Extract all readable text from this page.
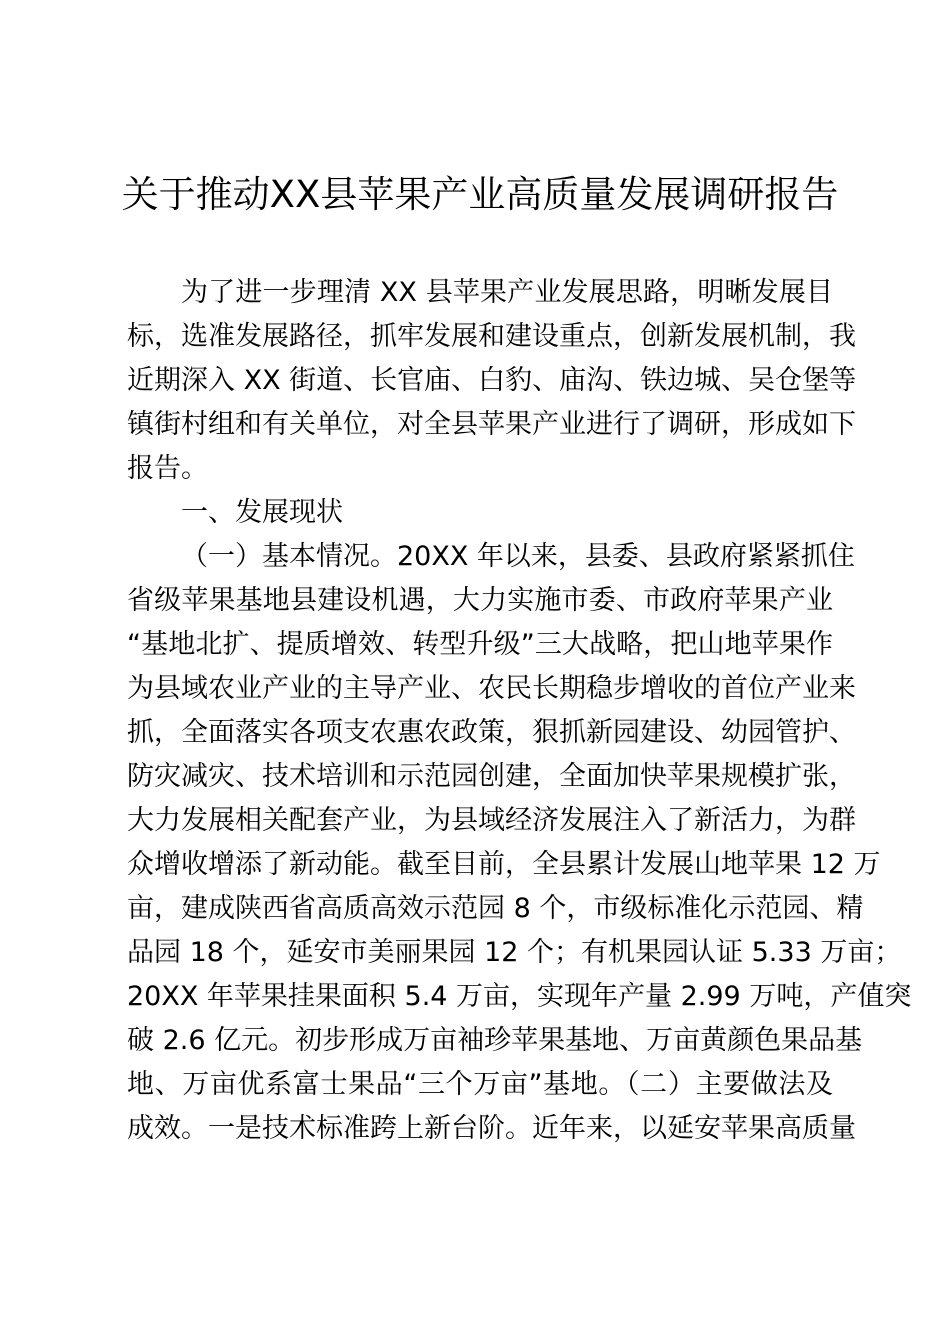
关于推动XX县苹果产业高质量发展调研报告
为了进一步理清 XX 县苹果产业发展思路，明晰发展目
标，选准发展路径，抓牢发展和建设重点，创新发展机制，我
近期深入 XX 街道、长官庙、白豹、庙沟、铁边城、吴仓堡等
镇街村组和有关单位，对全县苹果产业进行了调研，形成如下
报告。
一、发展现状
（一）基本情况。20XX 年以来，县委、县政府紧紧抓住
省级苹果基地县建设机遇，大力实施市委、市政府苹果产业
“基地北扩、提质增效、转型升级”三大战略，把山地苹果作
为县域农业产业的主导产业、农民长期稳步增收的首位产业来
抓，全面落实各项支农惠农政策，狠抓新园建设、幼园管护、
防灾减灾、技术培训和示范园创建，全面加快苹果规模扩张，
大力发展相关配套产业，为县域经济发展注入了新活力，为群
众增收增添了新动能。截至目前，全县累计发展山地苹果 12 万
亩，建成陕西省高质高效示范园 8 个，市级标准化示范园、精
品园 18 个，延安市美丽果园 12 个；有机果园认证 5.33 万亩；
20XX 年苹果挂果面积 5.4 万亩，实现年产量 2.99 万吨，产值突
破 2.6 亿元。初步形成万亩袖珍苹果基地、万亩黄颜色果品基
地、万亩优系富士果品“三个万亩”基地。（二）主要做法及
成效。一是技术标准跨上新台阶。近年来，以延安苹果高质量
